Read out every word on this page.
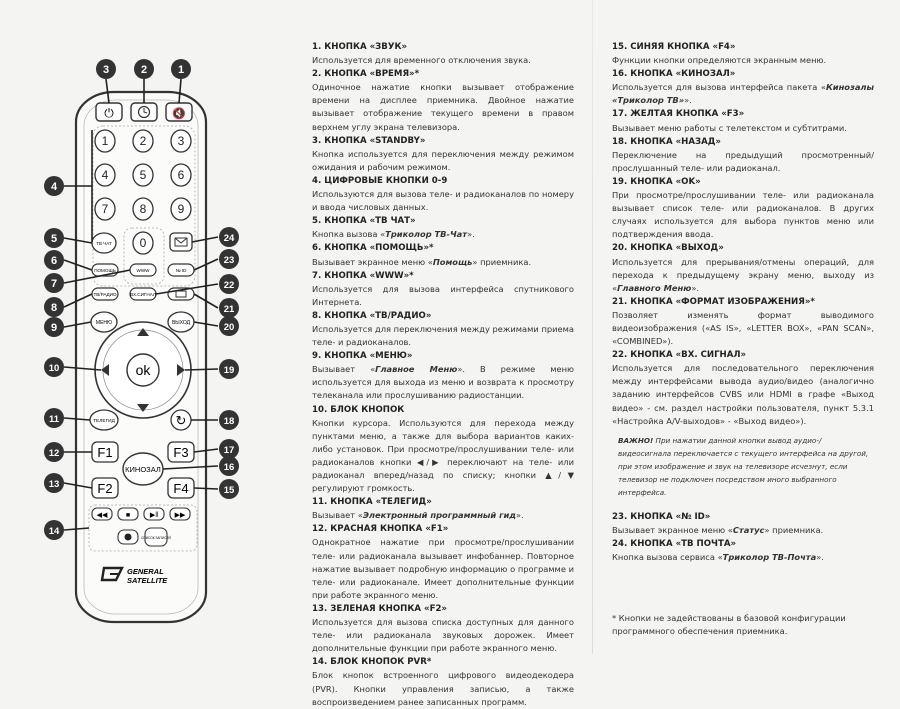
⏻	🔇
1	2	3
4	5	6
7	8	9
0
ТВ ЧАТ
ПОМОЩЬ	WWW	№ ID
ТВ/РАДИО	ВХ.СИГНАЛ
МЕНЮ	ВЫХОД
ok
ТЕЛЕГИД	↻
F1
F2
F3
F4
КИНОЗАЛ
◀◀	■	▶‖ ▶▶
СПИСОК ЗАПИСЕЙ
GENERAL
SATELLITE
3	2	1
4
5
6
7
8
9
10
11
12
13
14
15
16
17
18
19
20
21
22
23
24
1. КНОПКА «ЗВУК»
Используется для временного отключения звука.
2. КНОПКА «ВРЕМЯ»*
Одиночное нажатие кнопки вызывает отображение времени на дисплее приемника. Двойное нажатие вызывает отображение текущего времени в правом верхнем углу экрана телевизора.
3. КНОПКА «STANDBY»
Кнопка используется для переключения между режимом ожидания и рабочим режимом.
4. ЦИФРОВЫЕ КНОПКИ 0-9
Используются для вызова теле- и радиоканалов по номеру и ввода числовых данных.
5. КНОПКА «ТВ ЧАТ»
Кнопка вызова «Триколор ТВ-Чат».
6. КНОПКА «ПОМОЩЬ»*
Вызывает экранное меню «Помощь» приемника.
7. КНОПКА «WWW»*
Используется для вызова интерфейса спутникового Интернета.
8. КНОПКА «ТВ/РАДИО»
Используется для переключения между режимами приема теле- и радиоканалов.
9. КНОПКА «МЕНЮ»
Вызывает «Главное Меню». В режиме меню используется для выхода из меню и возврата к просмотру телеканала или прослушиванию радиостанции.
10. БЛОК КНОПОК
Кнопки курсора. Используются для перехода между пунктами меню, а также для выбора вариантов каких-либо установок. При просмотре/прослушивании теле- или радиоканалов кнопки ◀/▶ переключают на теле- или радиоканал вперед/назад по списку; кнопки ▲/▼ регулируют громкость.
11. КНОПКА «ТЕЛЕГИД»
Вызывает «Электронный программный гид».
12. КРАСНАЯ КНОПКА «F1»
Однократное нажатие при просмотре/прослушивании теле- или радиоканала вызывает инфобаннер. Повторное нажатие вызывает подробную информацию о программе и теле- или радиоканале. Имеет дополнительные функции при работе экранного меню.
13. ЗЕЛЕНАЯ КНОПКА «F2»
Используется для вызова списка доступных для данного теле- или радиоканала звуковых дорожек. Имеет дополнительные функции при работе экранного меню.
14. БЛОК КНОПОК PVR*
Блок кнопок встроенного цифрового видеодекодера (PVR). Кнопки управления записью, а также воспроизведением ранее записанных программ.
15. СИНЯЯ КНОПКА «F4»
Функции кнопки определяются экранным меню.
16. КНОПКА «КИНОЗАЛ»
Используется для вызова интерфейса пакета «Кинозалы «Триколор ТВ»».
17. ЖЕЛТАЯ КНОПКА «F3»
Вызывает меню работы с телетекстом и субтитрами.
18. КНОПКА «НАЗАД»
Переключение на предыдущий просмотренный/прослушанный теле- или радиоканал.
19. КНОПКА «OK»
При просмотре/прослушивании теле- или радиоканала вызывает список теле- или радиоканалов. В других случаях используется для выбора пунктов меню или подтверждения ввода.
20. КНОПКА «ВЫХОД»
Используется для прерывания/отмены операций, для перехода к предыдущему экрану меню, выходу из «Главного Меню».
21. КНОПКА «ФОРМАТ ИЗОБРАЖЕНИЯ»*
Позволяет изменять формат выводимого видеоизображения («AS IS», «LETTER BOX», «PAN SCAN», «COMBINED»).
22. КНОПКА «ВХ. СИГНАЛ»
Используется для последовательного переключения между интерфейсами вывода аудио/видео (аналогично заданию интерфейсов CVBS или HDMI в графе «Выход видео» - см. раздел настройки пользователя, пункт 5.3.1 «Настройка A/V-выходов» - «Выход видео»).
ВАЖНО! При нажатии данной кнопки вывод аудио-/видеосигнала переключается с текущего интерфейса на другой, при этом изображение и звук на телевизоре исчезнут, если телевизор не подключен посредством иного выбранного интерфейса.
23. КНОПКА «№ ID»
Вызывает экранное меню «Статус» приемника.
24. КНОПКА «ТВ ПОЧТА»
Кнопка вызова сервиса «Триколор ТВ-Почта».
* Кнопки не задействованы в базовой конфигурации программного обеспечения приемника.
